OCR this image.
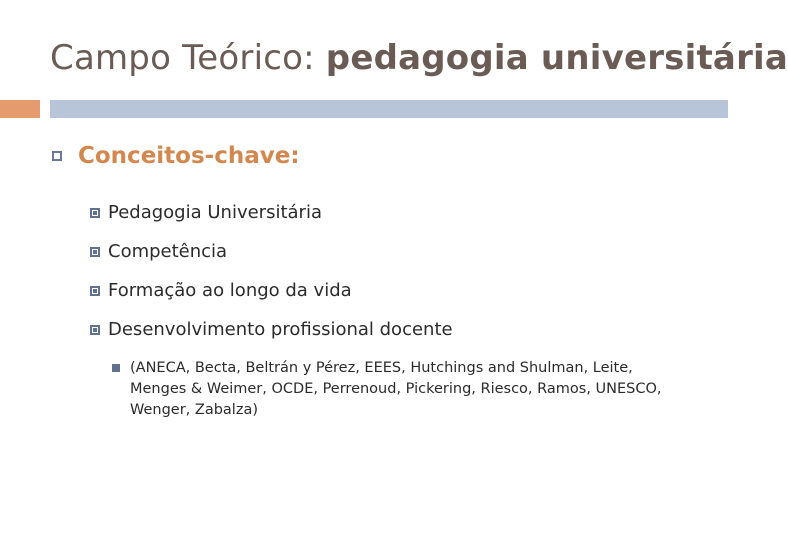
Campo Teórico: pedagogia universitária
Conceitos-chave:
Pedagogia Universitária
Competência
Formação ao longo da vida
Desenvolvimento profissional docente
(ANECA, Becta, Beltrán y Pérez, EEES, Hutchings and Shulman, Leite, Menges & Weimer, OCDE, Perrenoud, Pickering, Riesco, Ramos, UNESCO, Wenger, Zabalza)
